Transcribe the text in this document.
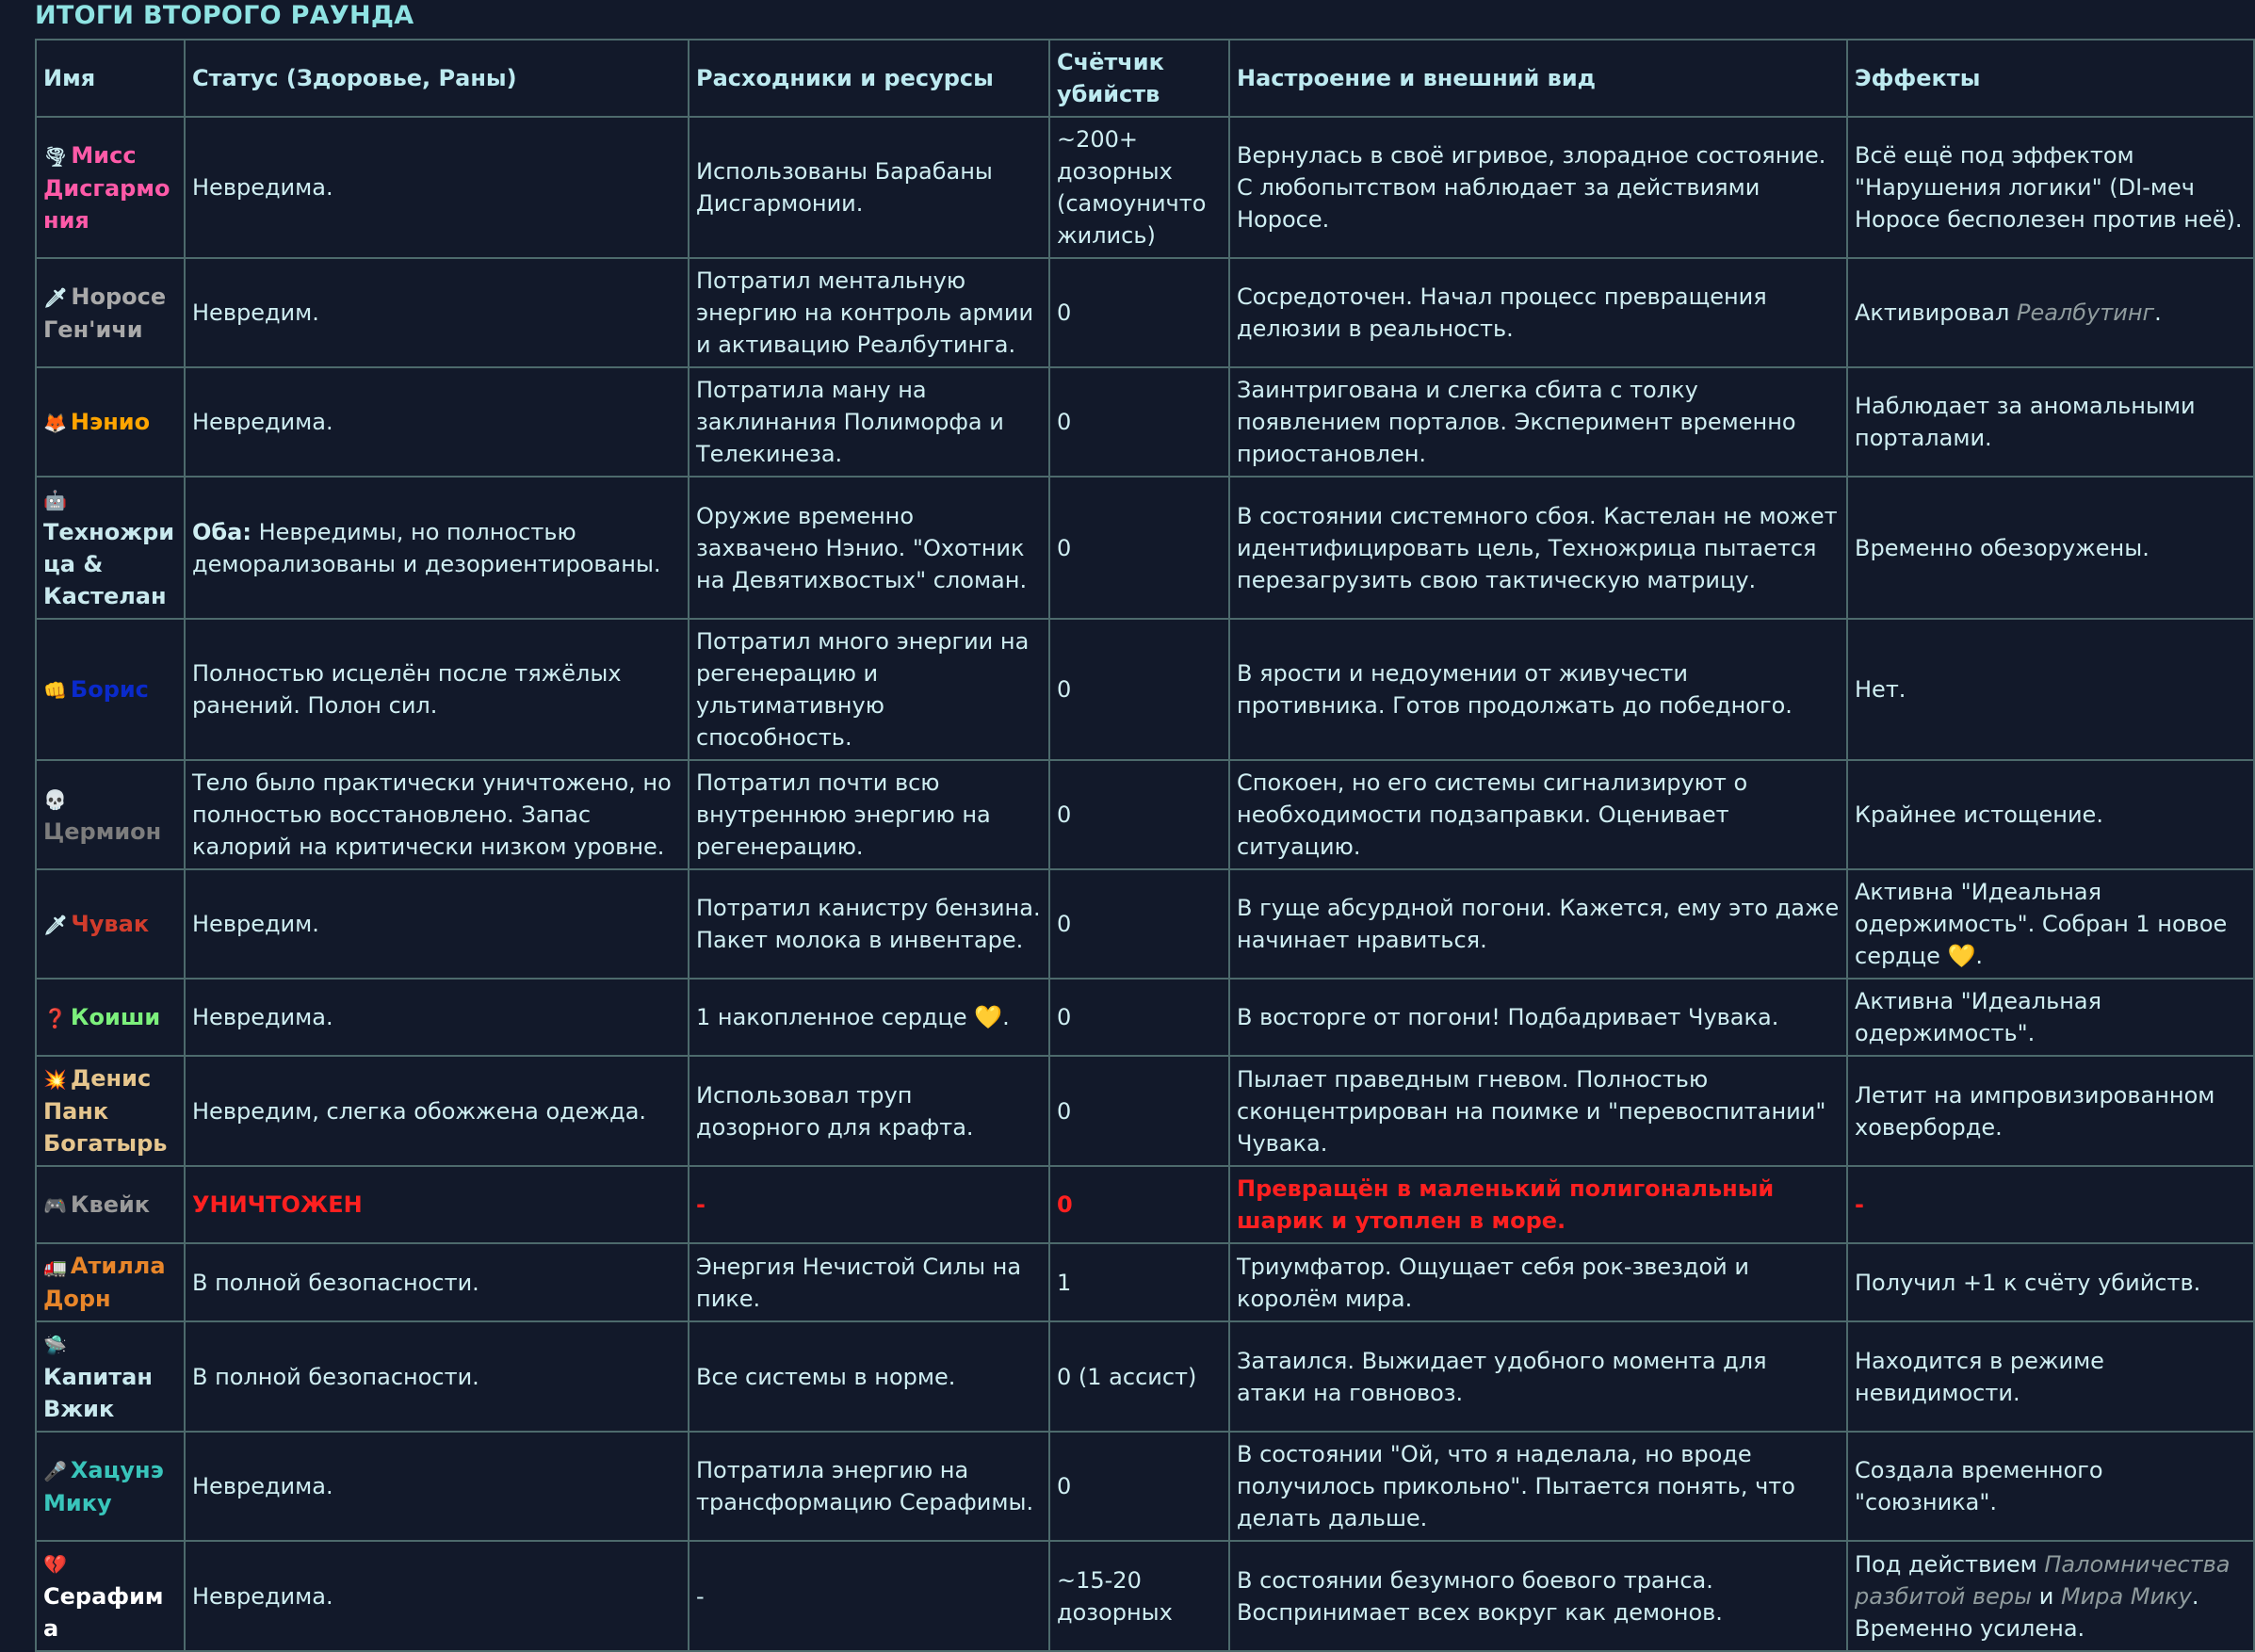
ИТОГИ ВТОРОГО РАУНДА
Имя	Статус (Здоровье, Раны)	Расходники и ресурсы	Счётчик убийств	Настроение и внешний вид	Эффекты
🌪 Мисс Дисгармония	Невредима.	Использованы Барабаны Дисгармонии.	~200+ дозорных (самоуничтожились)	Вернулась в своё игривое, злорадное состояние. С любопытством наблюдает за действиями Норосе.	Всё ещё под эффектом "Нарушения логики" (DI-меч Норосе бесполезен против неё).
🗡 Норосе Ген'ичи	Невредим.	Потратил ментальную энергию на контроль армии и активацию Реалбутинга.	0	Сосредоточен. Начал процесс превращения делюзии в реальность.	Активировал Реалбутинг.
🦊 Нэнио	Невредима.	Потратила ману на заклинания Полиморфа и Телекинеза.	0	Заинтригована и слегка сбита с толку появлением порталов. Эксперимент временно приостановлен.	Наблюдает за аномальными порталами.
🤖Техножрица & Кастелан	Оба: Невредимы, но полностью деморализованы и дезориентированы.	Оружие временно захвачено Нэнио. "Охотник на Девятихвостых" сломан.	0	В состоянии системного сбоя. Кастелан не может идентифицировать цель, Техножрица пытается перезагрузить свою тактическую матрицу.	Временно обезоружены.
👊 Борис	Полностью исцелён после тяжёлых ранений. Полон сил.	Потратил много энергии на регенерацию и ультимативную способность.	0	В ярости и недоумении от живучести противника. Готов продолжать до победного.	Нет.
💀Цермион	Тело было практически уничтожено, но полностью восстановлено. Запас калорий на критически низком уровне.	Потратил почти всю внутреннюю энергию на регенерацию.	0	Спокоен, но его системы сигнализируют о необходимости подзаправки. Оценивает ситуацию.	Крайнее истощение.
🗡 Чувак	Невредим.	Потратил канистру бензина. Пакет молока в инвентаре.	0	В гуще абсурдной погони. Кажется, ему это даже начинает нравиться.	Активна "Идеальная одержимость". Собран 1 новое сердце 💛.
❓ Коиши	Невредима.	1 накопленное сердце 💛.	0	В восторге от погони! Подбадривает Чувака.	Активна "Идеальная одержимость".
💥 Денис Панк Богатырь	Невредим, слегка обожжена одежда.	Использовал труп дозорного для крафта.	0	Пылает праведным гневом. Полностью сконцентрирован на поимке и "перевоспитании" Чувака.	Летит на импровизированном ховерборде.
🎮 Квейк	УНИЧТОЖЕН	-	0	Превращён в маленький полигональный шарик и утоплен в море.	-
🚛 Атилла Дорн	В полной безопасности.	Энергия Нечистой Силы на пике.	1	Триумфатор. Ощущает себя рок-звездой и королём мира.	Получил +1 к счёту убийств.
🛸Капитан Вжик	В полной безопасности.	Все системы в норме.	0 (1 ассист)	Затаился. Выжидает удобного момента для атаки на говновоз.	Находится в режиме невидимости.
🎤 Хацунэ Мику	Невредима.	Потратила энергию на трансформацию Серафимы.	0	В состоянии "Ой, что я наделала, но вроде получилось прикольно". Пытается понять, что делать дальше.	Создала временного "союзника".
💔Серафима	Невредима.	-	~15-20 дозорных	В состоянии безумного боевого транса. Воспринимает всех вокруг как демонов.	Под действием Паломничества разбитой веры и Мира Мику. Временно усилена.
